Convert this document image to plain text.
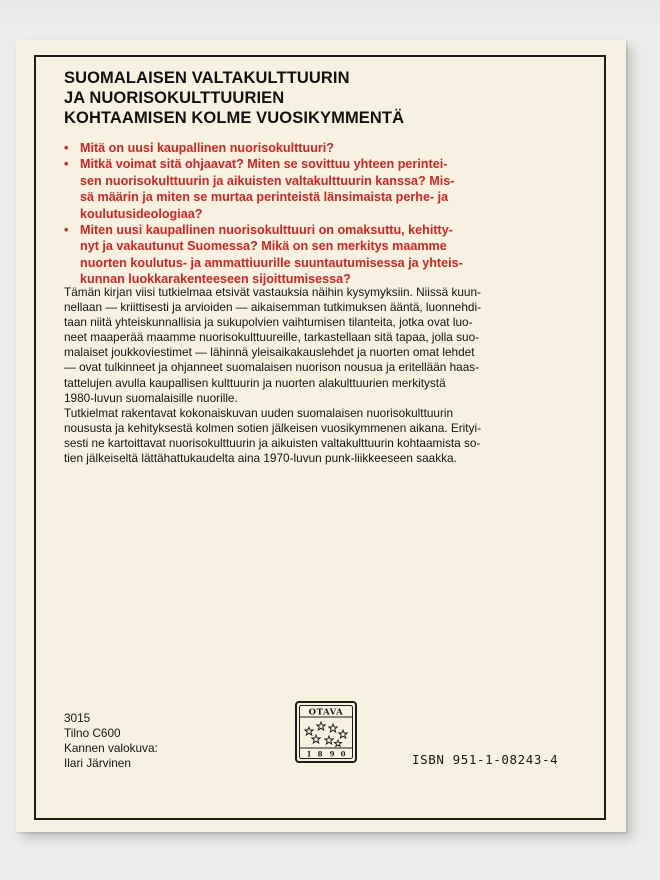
SUOMALAISEN VALTAKULTTUURIN
JA NUORISOKULTTUURIEN
KOHTAAMISEN KOLME VUOSIKYMMENTÄ
• Mitä on uusi kaupallinen nuorisokulttuuri?
• Mitkä voimat sitä ohjaavat? Miten se sovittuu yhteen perintei-
sen nuorisokulttuurin ja aikuisten valtakulttuurin kanssa? Mis-
sä määrin ja miten se murtaa perinteistä länsimaista perhe- ja
koulutusideologiaa?
• Miten uusi kaupallinen nuorisokulttuuri on omaksuttu, kehitty-
nyt ja vakautunut Suomessa? Mikä on sen merkitys maamme
nuorten koulutus- ja ammattiuurille suuntautumisessa ja yhteis-
kunnan luokkarakenteeseen sijoittumisessa?
Tämän kirjan viisi tutkielmaa etsivät vastauksia näihin kysymyksiin. Niissä kuun-
nellaan — kriittisesti ja arvioiden — aikaisemman tutkimuksen ääntä, luonnehdi-
taan niitä yhteiskunnallisia ja sukupolvien vaihtumisen tilanteita, jotka ovat luo-
neet maaperää maamme nuorisokulttuureille, tarkastellaan sitä tapaa, jolla suo-
malaiset joukkoviestimet — lähinnä yleisaikakauslehdet ja nuorten omat lehdet
— ovat tulkinneet ja ohjanneet suomalaisen nuorison nousua ja eritellään haas-
tattelujen avulla kaupallisen kulttuurin ja nuorten alakulttuurien merkitystä
1980-luvun suomalaisille nuorille.
Tutkielmat rakentavat kokonaiskuvan uuden suomalaisen nuorisokulttuurin
noususta ja kehityksestä kolmen sotien jälkeisen vuosikymmenen aikana. Erityi-
sesti ne kartoittavat nuorisokulttuurin ja aikuisten valtakulttuurin kohtaamista so-
tien jälkeiseltä lättähattukaudelta aina 1970-luvun punk-liikkeeseen saakka.
3015
Tilno C600
Kannen valokuva:
Ilari Järvinen
OTAVA
1 8 9 0	ISBN 951-1-08243-4
